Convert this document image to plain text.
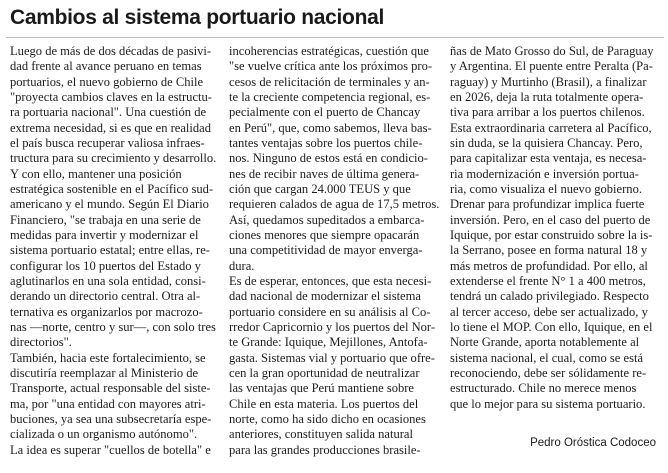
Cambios al sistema portuario nacional
Luego de más de dos décadas de pasivi-
dad frente al avance peruano en temas
portuarios, el nuevo gobierno de Chile
"proyecta cambios claves en la estructu-
ra portuaria nacional". Una cuestión de
extrema necesidad, si es que en realidad
el país busca recuperar valiosa infraes-
tructura para su crecimiento y desarrollo.
Y con ello, mantener una posición
estratégica sostenible en el Pacífico sud-
americano y el mundo. Según El Diario
Financiero, "se trabaja en una serie de
medidas para invertir y modernizar el
sistema portuario estatal; entre ellas, re-
configurar los 10 puertos del Estado y
aglutinarlos en una sola entidad, consi-
derando un directorio central. Otra al-
ternativa es organizarlos por macrozo-
nas —norte, centro y sur—, con solo tres
directorios".
También, hacia este fortalecimiento, se
discutiría reemplazar al Ministerio de
Transporte, actual responsable del siste-
ma, por "una entidad con mayores atri-
buciones, ya sea una subsecretaría espe-
cializada o un organismo autónomo".
La idea es superar "cuellos de botella" e
incoherencias estratégicas, cuestión que
"se vuelve crítica ante los próximos pro-
cesos de relicitación de terminales y an-
te la creciente competencia regional, es-
pecialmente con el puerto de Chancay
en Perú", que, como sabemos, lleva bas-
tantes ventajas sobre los puertos chile-
nos. Ninguno de estos está en condicio-
nes de recibir naves de última genera-
ción que cargan 24.000 TEUS y que
requieren calados de agua de 17,5 metros.
Así, quedamos supeditados a embarca-
ciones menores que siempre opacarán
una competitividad de mayor enverga-
dura.
Es de esperar, entonces, que esta necesi-
dad nacional de modernizar el sistema
portuario considere en su análisis al Co-
rredor Capricornio y los puertos del Nor-
te Grande: Iquique, Mejillones, Antofa-
gasta. Sistemas vial y portuario que ofre-
cen la gran oportunidad de neutralizar
las ventajas que Perú mantiene sobre
Chile en esta materia. Los puertos del
norte, como ha sido dicho en ocasiones
anteriores, constituyen salida natural
para las grandes producciones brasile-
ñas de Mato Grosso do Sul, de Paraguay
y Argentina. El puente entre Peralta (Pa-
raguay) y Murtinho (Brasil), a finalizar
en 2026, deja la ruta totalmente opera-
tiva para arribar a los puertos chilenos.
Esta extraordinaria carretera al Pacífico,
sin duda, se la quisiera Chancay. Pero,
para capitalizar esta ventaja, es necesa-
ria modernización e inversión portua-
ria, como visualiza el nuevo gobierno.
Drenar para profundizar implica fuerte
inversión. Pero, en el caso del puerto de
Iquique, por estar construido sobre la is-
la Serrano, posee en forma natural 18 y
más metros de profundidad. Por ello, al
extenderse el frente N° 1 a 400 metros,
tendrá un calado privilegiado. Respecto
al tercer acceso, debe ser actualizado, y
lo tiene el MOP. Con ello, Iquique, en el
Norte Grande, aporta notablemente al
sistema nacional, el cual, como se está
reconociendo, debe ser sólidamente re-
estructurado. Chile no merece menos
que lo mejor para su sistema portuario.
Pedro Oróstica Codoceo
